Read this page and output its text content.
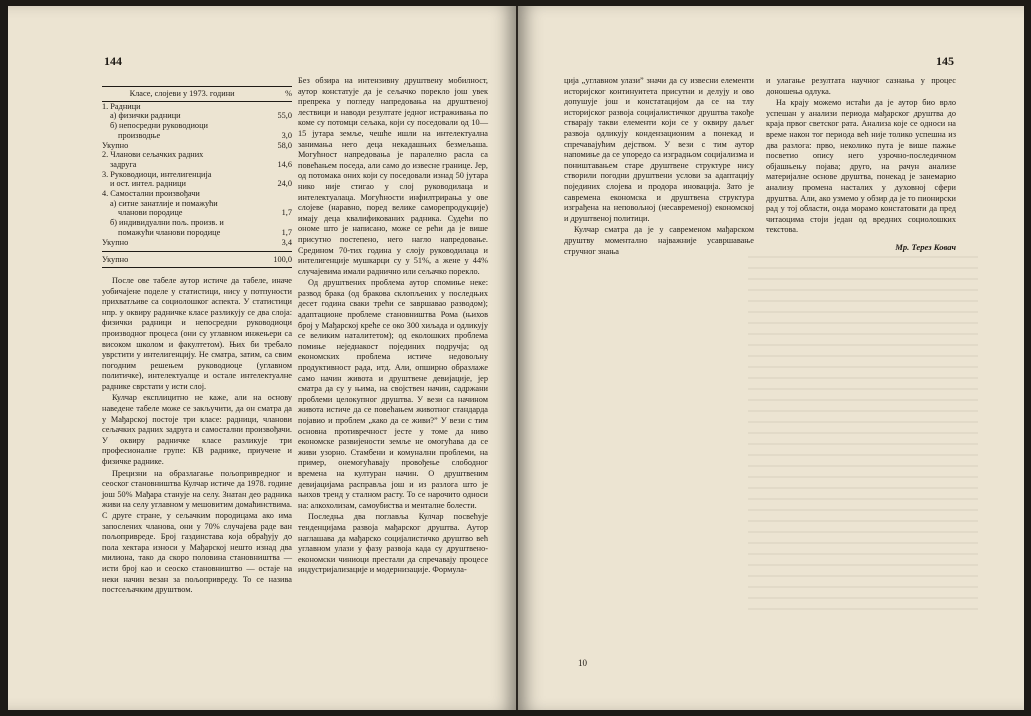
144
Класе, слојеви у 1973. години	%
1. Радници	
а) физички радници	55,0
б) непосредни руководиоци	
производње	3,0
Укупно	58,0
2. Чланови сељачких радних	
задруга	14,6
3. Руководиоци, интелигенција	
и ост. интел. радници	24,0
4. Самостални произвођачи	
а) ситне занатлије и помажући	
чланови породице	1,7
б) индивидуални пољ. произв. и	
помажући чланови породице	1,7
Укупно	3,4

Укупно	100,0

После ове табеле аутор истиче да табеле, иначе уобичајене поделе у статистици, нису у потпуности прихватљиве са социолошког аспекта. У статистици нпр. у оквиру радничке класе разликују се два слоја: физички радници и непосредни руководиоци производног процеса (они су углавном инжењери са високом школом и факултетом). Њих би требало уврстити у интелигенцију. Не сматра, затим, са свим погодним решењем руководиоце (углавном политичке), интелектуалце и остале интелектуалне раднике сврстати у исти слој.

Кулчар експлицитно не каже, али на основу наведене табеле може се закључити, да он сматра да у Мађарској постоје три класе: радници, чланови сељачких радних задруга и самостални произвођачи. У оквиру радничке класе разликује три професионалне групе: КВ раднике, приучене и физичке раднике.

Прецизни на образлагање пољопривредног и сеоског становништва Кулчар истиче да 1978. године још 50% Мађара станује на селу. Знатан део радника живи на селу углавном у мешовитим домаћинствима. С друге стране, у сељачким породицама ако има запослених чланова, они у 70% случајева раде ван пољопривреде. Број газдинстава која обрађују до пола хектара износи у Мађарској нешто изнад два милиона, тако да скоро половина становништва — исти број као и сеоско становништво — остаје на неки начин везан за пољопривреду. То се назива постсељачким друштвом.

Без обзира на интензивну друштвену мобилност, аутор констатује да је сељачко порекло још увек препрека у погледу напредовања на друштвеној лествици и наводи резултате једног истраживања по коме су потомци сељака, који су поседовали од 10—15 јутара земље, чешће ишли на интелектуална занимања него деца некадашњих безмељаша. Могућност напредовања је паралелно расла са повећањем поседа, али само до извесне границе. Јер, од потомака оних који су поседовали изнад 50 јутара нико није стигао у слој руководилаца и интелектуалаца. Могућности инфилтрирања у ове слојеве (наравно, поред велике саморепродукције) имају деца квалификованих радника. Судећи по ономе што је написано, може се рећи да је више присутно постепено, него нагло напредовање. Средином 70-тих година у слоју руководилаца и интелигенције мушкарци су у 51%, а жене у 44% случајевима имали раднично или сељачко порекло.

Од друштвених проблема аутор спомиње неке: развод брака (од бракова склопљених у последњих десет година сваки трећи се завршавао разводом); адаптационе проблеме становништва Рома (њихов број у Мађарској креће се око 300 хиљада и одликују се великим наталитетом); од еколошких проблема помиње неједнакост појединих подручја; од економских проблема истиче недовољну продуктивност рада, итд. Али, опширно образлаже само начин живота и друштвене девијације, јер сматра да су у њима, на својствен начин, садржани проблеми целокупног друштва. У вези са начином живота истиче да се повећањем животног стандарда појавио и проблем „како да се живи?” У вези с тим основна противречност јесте у томе да ниво економске развијености земље не омогућава да се живи узорно. Стамбени и комунални проблеми, на пример, онемогућавају провођење слободног времена на културан начин. О друштвеним девијацијама расправља још и из разлога што је њихов тренд у сталном расту. То се нарочито односи на: алкохолизам, самоубиства и менталне болести.

Последња два поглавља Кулчар посвећује тенденцијама развоја мађарског друштва. Аутор наглашава да мађарско социјалистичко друштво већ углавном улази у фазу развоја када су друштвено-економски чиниоци престали да спречавају процесе индустријализације и модернизације. Формула-

145

ција „углавном улази” значи да су извесни елементи историјског континуитета присутни и делују и ово допушује још и констатацијом да се на тлу историјског развоја социјалистичког друштва такође стварају такви елементи који се у оквиру даљег развоја одликују кондензационим а понекад и спречавајућим дејством. У вези с тим аутор напомиње да се упоредо са изградњом социјализма и поништавањем старе друштвене структуре нису створили погодни друштвени услови за адаптацију појединих слојева и продора иновација. Зато је савремена економска и друштвена структура изграђена на неповољној (несавременој) економској и друштвеној политици.

Кулчар сматра да је у савременом мађарском друштву моментално најважније усавршавање стручног знања

и улагање резултата научног сазнања у процес доношења одлука.

На крају можемо истаћи да је аутор био врло успешан у анализи периода мађарског друштва до краја првог светског рата. Анализа које се односи на време након тог периода већ није толико успешна из два разлога: прво, неколико пута је више пажње посветио опису него узрочно-последичном објашњењу појава; друго, на рачун анализе материјалне основе друштва, понекад је занемарио анализу промена насталих у духовној сфери друштва. Али, ако узмемо у обзир да је то пионирски рад у тој области, онда морамо констатовати да пред читаоцима стоји један од вредних социолошких текстова.

Мр. Терез Ковач
10
